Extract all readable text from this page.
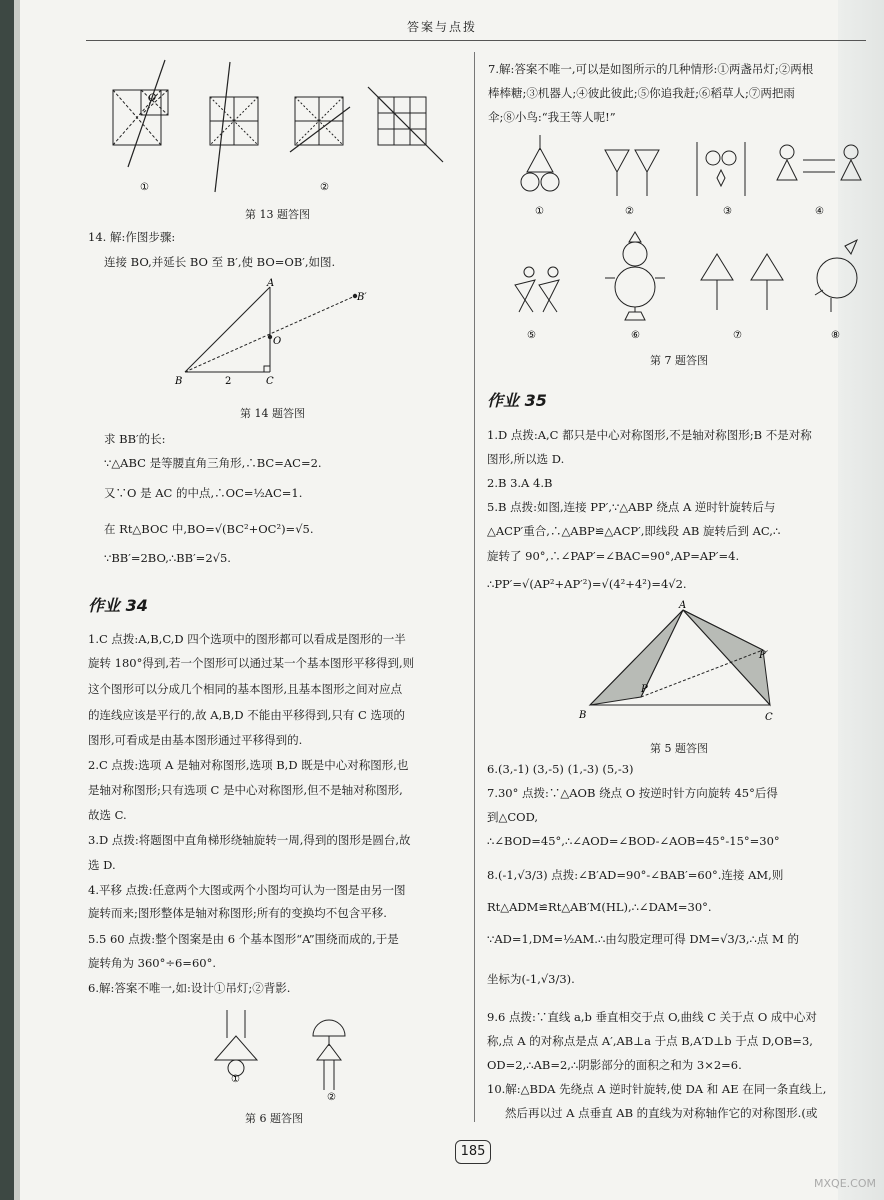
答案与点拨
O
①	②
第 13 题答图
14. 解:作图步骤:
连接 BO,并延长 BO 至 B′,使 BO=OB′,如图.
A
B	C
O
B′
2
第 14 题答图
求 BB′的长:
∵△ABC 是等腰直角三角形,∴BC=AC=2.
又∵O 是 AC 的中点,∴OC=½AC=1.
在 Rt△BOC 中,BO=√(BC²+OC²)=√5.
∵BB′=2BO,∴BB′=2√5.
作业 34
1.C 点拨:A,B,C,D 四个选项中的图形都可以看成是图形的一半
旋转 180°得到,若一个图形可以通过某一个基本图形平移得到,则
这个图形可以分成几个相同的基本图形,且基本图形之间对应点
的连线应该是平行的,故 A,B,D 不能由平移得到,只有 C 选项的
图形,可看成是由基本图形通过平移得到的.
2.C 点拨:选项 A 是轴对称图形,选项 B,D 既是中心对称图形,也
是轴对称图形;只有选项 C 是中心对称图形,但不是轴对称图形,
故选 C.
3.D 点拨:将题图中直角梯形绕轴旋转一周,得到的图形是圆台,故
选 D.
4.平移 点拨:任意两个大图或两个小图均可认为一图是由另一图
旋转而来;图形整体是轴对称图形;所有的变换均不包含平移.
5.5 60 点拨:整个图案是由 6 个基本图形“A”围绕而成的,于是
旋转角为 360°÷6=60°.
6.解:答案不唯一,如:设计①吊灯;②背影.
①
②
第 6 题答图
7.解:答案不唯一,可以是如图所示的几种情形:①两盏吊灯;②两根
棒棒糖;③机器人;④彼此彼此;⑤你追我赶;⑥稻草人;⑦两把雨
伞;⑧小鸟:“我王等人呢!”
①	②	③	④
⑤	⑥	⑦	⑧
第 7 题答图
作业 35
1.D 点拨:A,C 都只是中心对称图形,不是轴对称图形;B 不是对称
图形,所以选 D.
2.B 3.A 4.B
5.B 点拨:如图,连接 PP′,∵△ABP 绕点 A 逆时针旋转后与
△ACP′重合,∴△ABP≌△ACP′,即线段 AB 旋转后到 AC,∴
旋转了 90°,∴∠PAP′=∠BAC=90°,AP=AP′=4.
∴PP′=√(AP²+AP′²)=√(4²+4²)=4√2.
A
B	C
P
P′
第 5 题答图
6.(3,-1) (3,-5) (1,-3) (5,-3)
7.30° 点拨:∵△AOB 绕点 O 按逆时针方向旋转 45°后得
到△COD,
∴∠BOD=45°,∴∠AOD=∠BOD-∠AOB=45°-15°=30°
8.(-1,√3/3) 点拨:∠B′AD=90°-∠BAB′=60°.连接 AM,则
Rt△ADM≌Rt△AB′M(HL),∴∠DAM=30°.
∵AD=1,DM=½AM.∴由勾股定理可得 DM=√3/3,∴点 M 的
坐标为(-1,√3/3).
9.6 点拨:∵直线 a,b 垂直相交于点 O,曲线 C 关于点 O 成中心对
称,点 A 的对称点是点 A′,AB⊥a 于点 B,A′D⊥b 于点 D,OB=3,
OD=2,∴AB=2,∴阴影部分的面积之和为 3×2=6.
10.解:△BDA 先绕点 A 逆时针旋转,使 DA 和 AE 在同一条直线上,
然后再以过 A 点垂直 AB 的直线为对称轴作它的对称图形.(或
185
MXQE.COM
